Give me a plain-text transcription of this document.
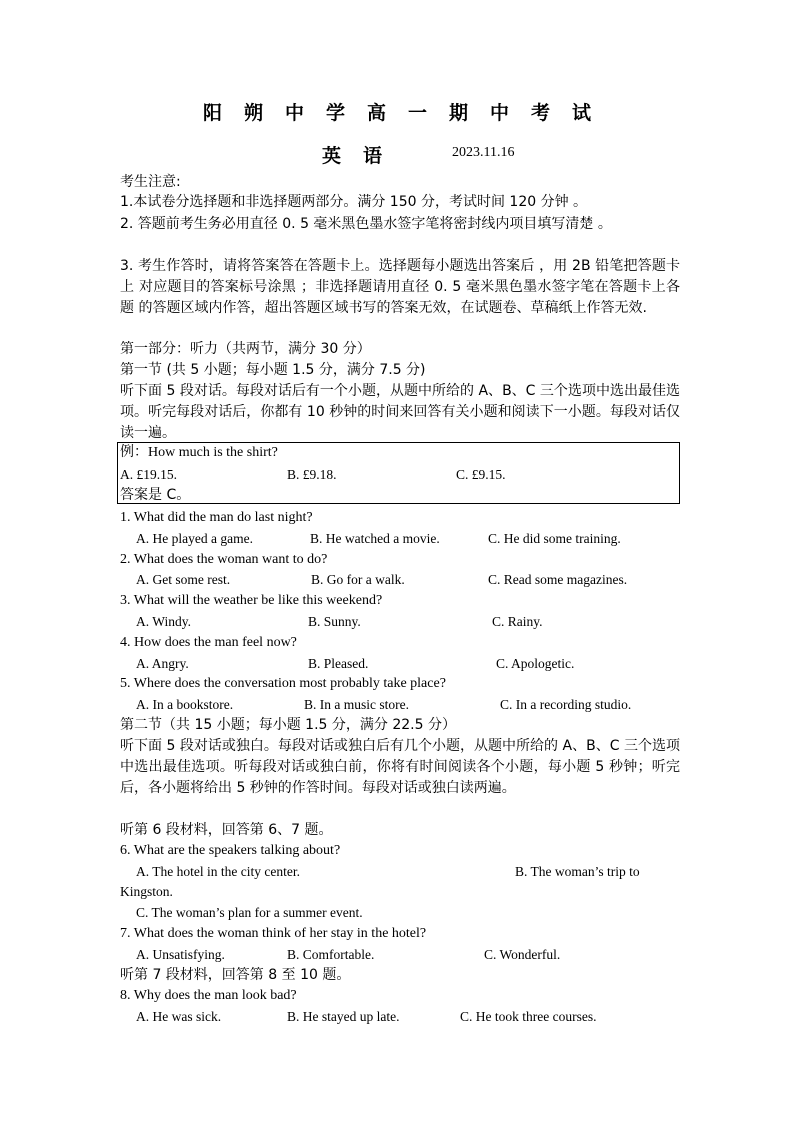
阳朔中学高一期中考试
英语	2023.11.16
考生注意:
1.本试卷分选择题和非选择题两部分。满分 150 分，考试时间 120 分钟 。
2. 答题前考生务必用直径 0. 5 毫米黑色墨水签字笔将密封线内项目填写清楚 。
3. 考生作答时，请将答案答在答题卡上。选择题每小题选出答案后 ，用 2B 铅笔把答题卡上 对应题目的答案标号涂黑 ；非选择题请用直径 0. 5 毫米黑色墨水签字笔在答题卡上各题 的答题区域内作答，超出答题区域书写的答案无效，在试题卷、草稿纸上作答无效.
第一部分：听力（共两节，满分 30 分）
第一节 (共 5 小题；每小题 1.5 分，满分 7.5 分)
听下面 5 段对话。每段对话后有一个小题，从题中所给的 A、B、C 三个选项中选出最佳选项。听完每段对话后，你都有 10 秒钟的时间来回答有关小题和阅读下一小题。每段对话仅读一遍。
例：How much is the shirt?
A. £19.15.	B. £9.18.	C. £9.15.
答案是 C。
1. What did the man do last night?
A. He played a game.	B. He watched a movie.	C. He did some training.
2. What does the woman want to do?
A. Get some rest.	B. Go for a walk.	C. Read some magazines.
3. What will the weather be like this weekend?
A. Windy.	B. Sunny.	C. Rainy.
4. How does the man feel now?
A. Angry.	B. Pleased.	C. Apologetic.
5. Where does the conversation most probably take place?
A. In a bookstore.	B. In a music store.	C. In a recording studio.
第二节（共 15 小题；每小题 1.5 分，满分 22.5 分）
听下面 5 段对话或独白。每段对话或独白后有几个小题，从题中所给的 A、B、C 三个选项中选出最佳选项。听每段对话或独白前，你将有时间阅读各个小题，每小题 5 秒钟；听完后，各小题将给出 5 秒钟的作答时间。每段对话或独白读两遍。
听第 6 段材料，回答第 6、7 题。
6. What are the speakers talking about?
A. The hotel in the city center.	B. The woman’s trip to
Kingston.
C. The woman’s plan for a summer event.
7. What does the woman think of her stay in the hotel?
A. Unsatisfying.	B. Comfortable.	C. Wonderful.
听第 7 段材料，回答第 8 至 10 题。
8. Why does the man look bad?
A. He was sick.	B. He stayed up late.	C. He took three courses.
